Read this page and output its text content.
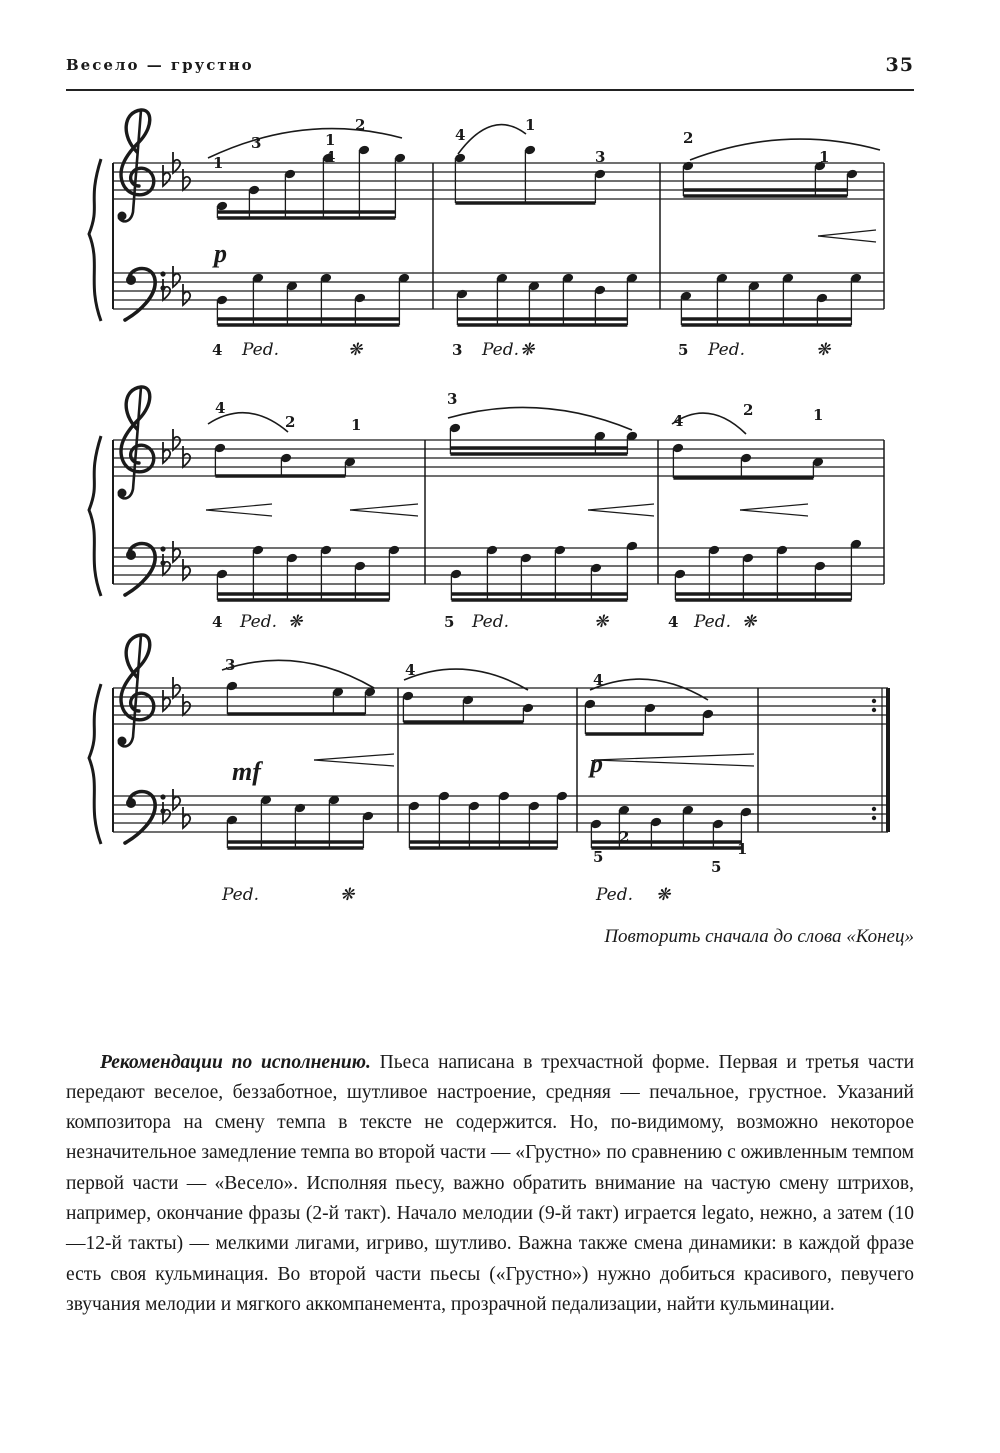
Весело — грустно	35
1
3
4
2
1	4
1
3
2
1
p
4 Ped.	❋	3 Ped. ❋	5 Ped.	❋
4
2	1
3
4
2	1
4 Ped. ❋	5 Ped.	❋	4 Ped. ❋
3	4
4
2
5
5
1
mf	p
Ped.	❋	Ped. ❋
Повторить сначала до слова «Конец»

Рекомендации по исполнению. Пьеса написана в трехчастной форме. Первая и третья части передают веселое, беззаботное, шутливое настроение, средняя — печальное, грустное. Указаний композитора на смену темпа в тексте не содержится. Но, по-видимому, возможно некоторое незначительное замедление темпа во второй части — «Грустно» по сравнению с оживленным темпом первой части — «Весело». Исполняя пьесу, важно обратить внимание на частую смену штрихов, например, окончание фразы (2-й такт). Начало мелодии (9-й такт) играется legato, нежно, а затем (10—12-й такты) — мелкими лигами, игриво, шутливо. Важна также смена динамики: в каждой фразе есть своя кульминация. Во второй части пьесы («Грустно») нужно добиться красивого, певучего звучания мелодии и мягкого аккомпанемента, прозрачной педализации, найти кульминации.
